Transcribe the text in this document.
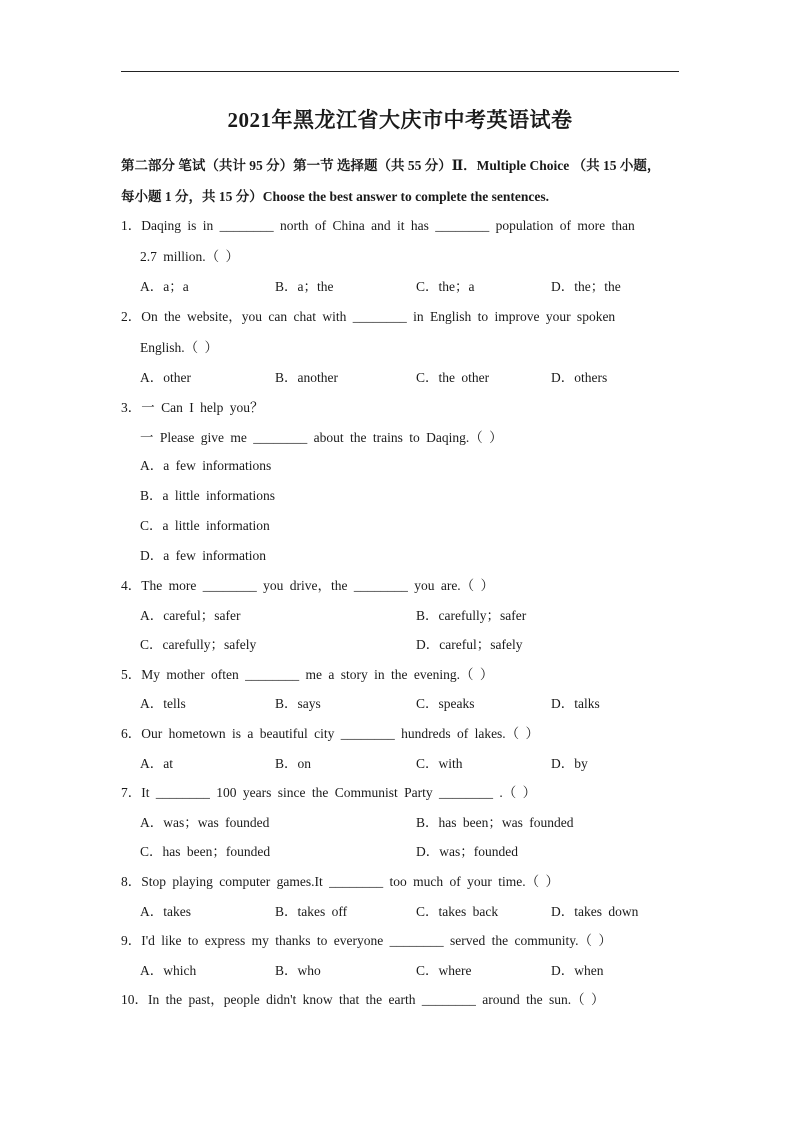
2021年黑龙江省大庆市中考英语试卷
第二部分 笔试（共计 95 分）第一节 选择题（共 55 分）Ⅱ．Multiple Choice （共 15 小题，
每小题 1 分，共 15 分）Choose the best answer to complete the sentences.
1．Daqing is in ________ north of China and it has ________ population of more than
2.7 million.（ ）
A．a；a	B．a；the	C．the；a	D．the；the
2．On the website，you can chat with ________ in English to improve your spoken
English.（ ）
A．other	B．another	C．the other	D．others
3．一 Can I help you？
一 Please give me ________ about the trains to Daqing.（ ）
A．a few informations
B．a little informations
C．a little information
D．a few information
4．The more ________ you drive，the ________ you are.（ ）
A．careful；safer	B．carefully；safer
C．carefully；safely	D．careful；safely
5．My mother often ________ me a story in the evening.（ ）
A．tells	B．says	C．speaks	D．talks
6．Our hometown is a beautiful city ________ hundreds of lakes.（ ）
A．at	B．on	C．with	D．by
7．It ________ 100 years since the Communist Party ________ .（ ）
A．was；was founded	B．has been；was founded
C．has been；founded	D．was；founded
8．Stop playing computer games.It ________ too much of your time.（ ）
A．takes	B．takes off	C．takes back	D．takes down
9．I'd like to express my thanks to everyone ________ served the community.（ ）
A．which	B．who	C．where	D．when
10．In the past，people didn't know that the earth ________ around the sun.（ ）
